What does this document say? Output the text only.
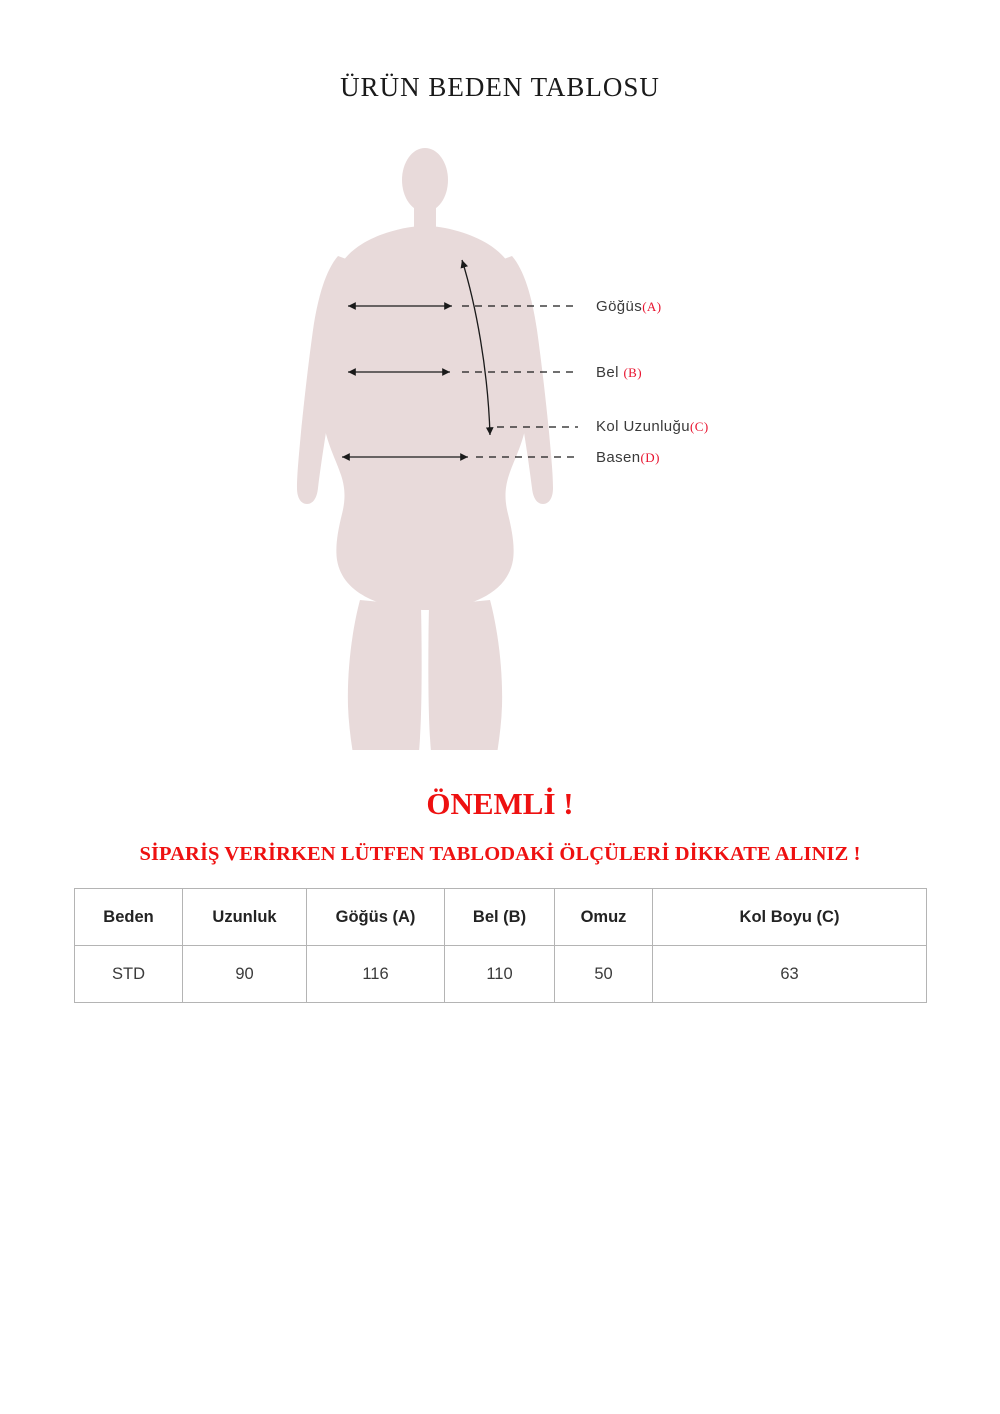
ÜRÜN BEDEN TABLOSU
Göğüs(A)
Bel (B)
Kol Uzunluğu(C)
Basen(D)
ÖNEMLİ !
SİPARİŞ VERİRKEN LÜTFEN TABLODAKİ ÖLÇÜLERİ DİKKATE ALINIZ !
Beden	Uzunluk	Göğüs (A)	Bel (B)	Omuz	Kol Boyu (C)
STD	90	116	110	50	63
